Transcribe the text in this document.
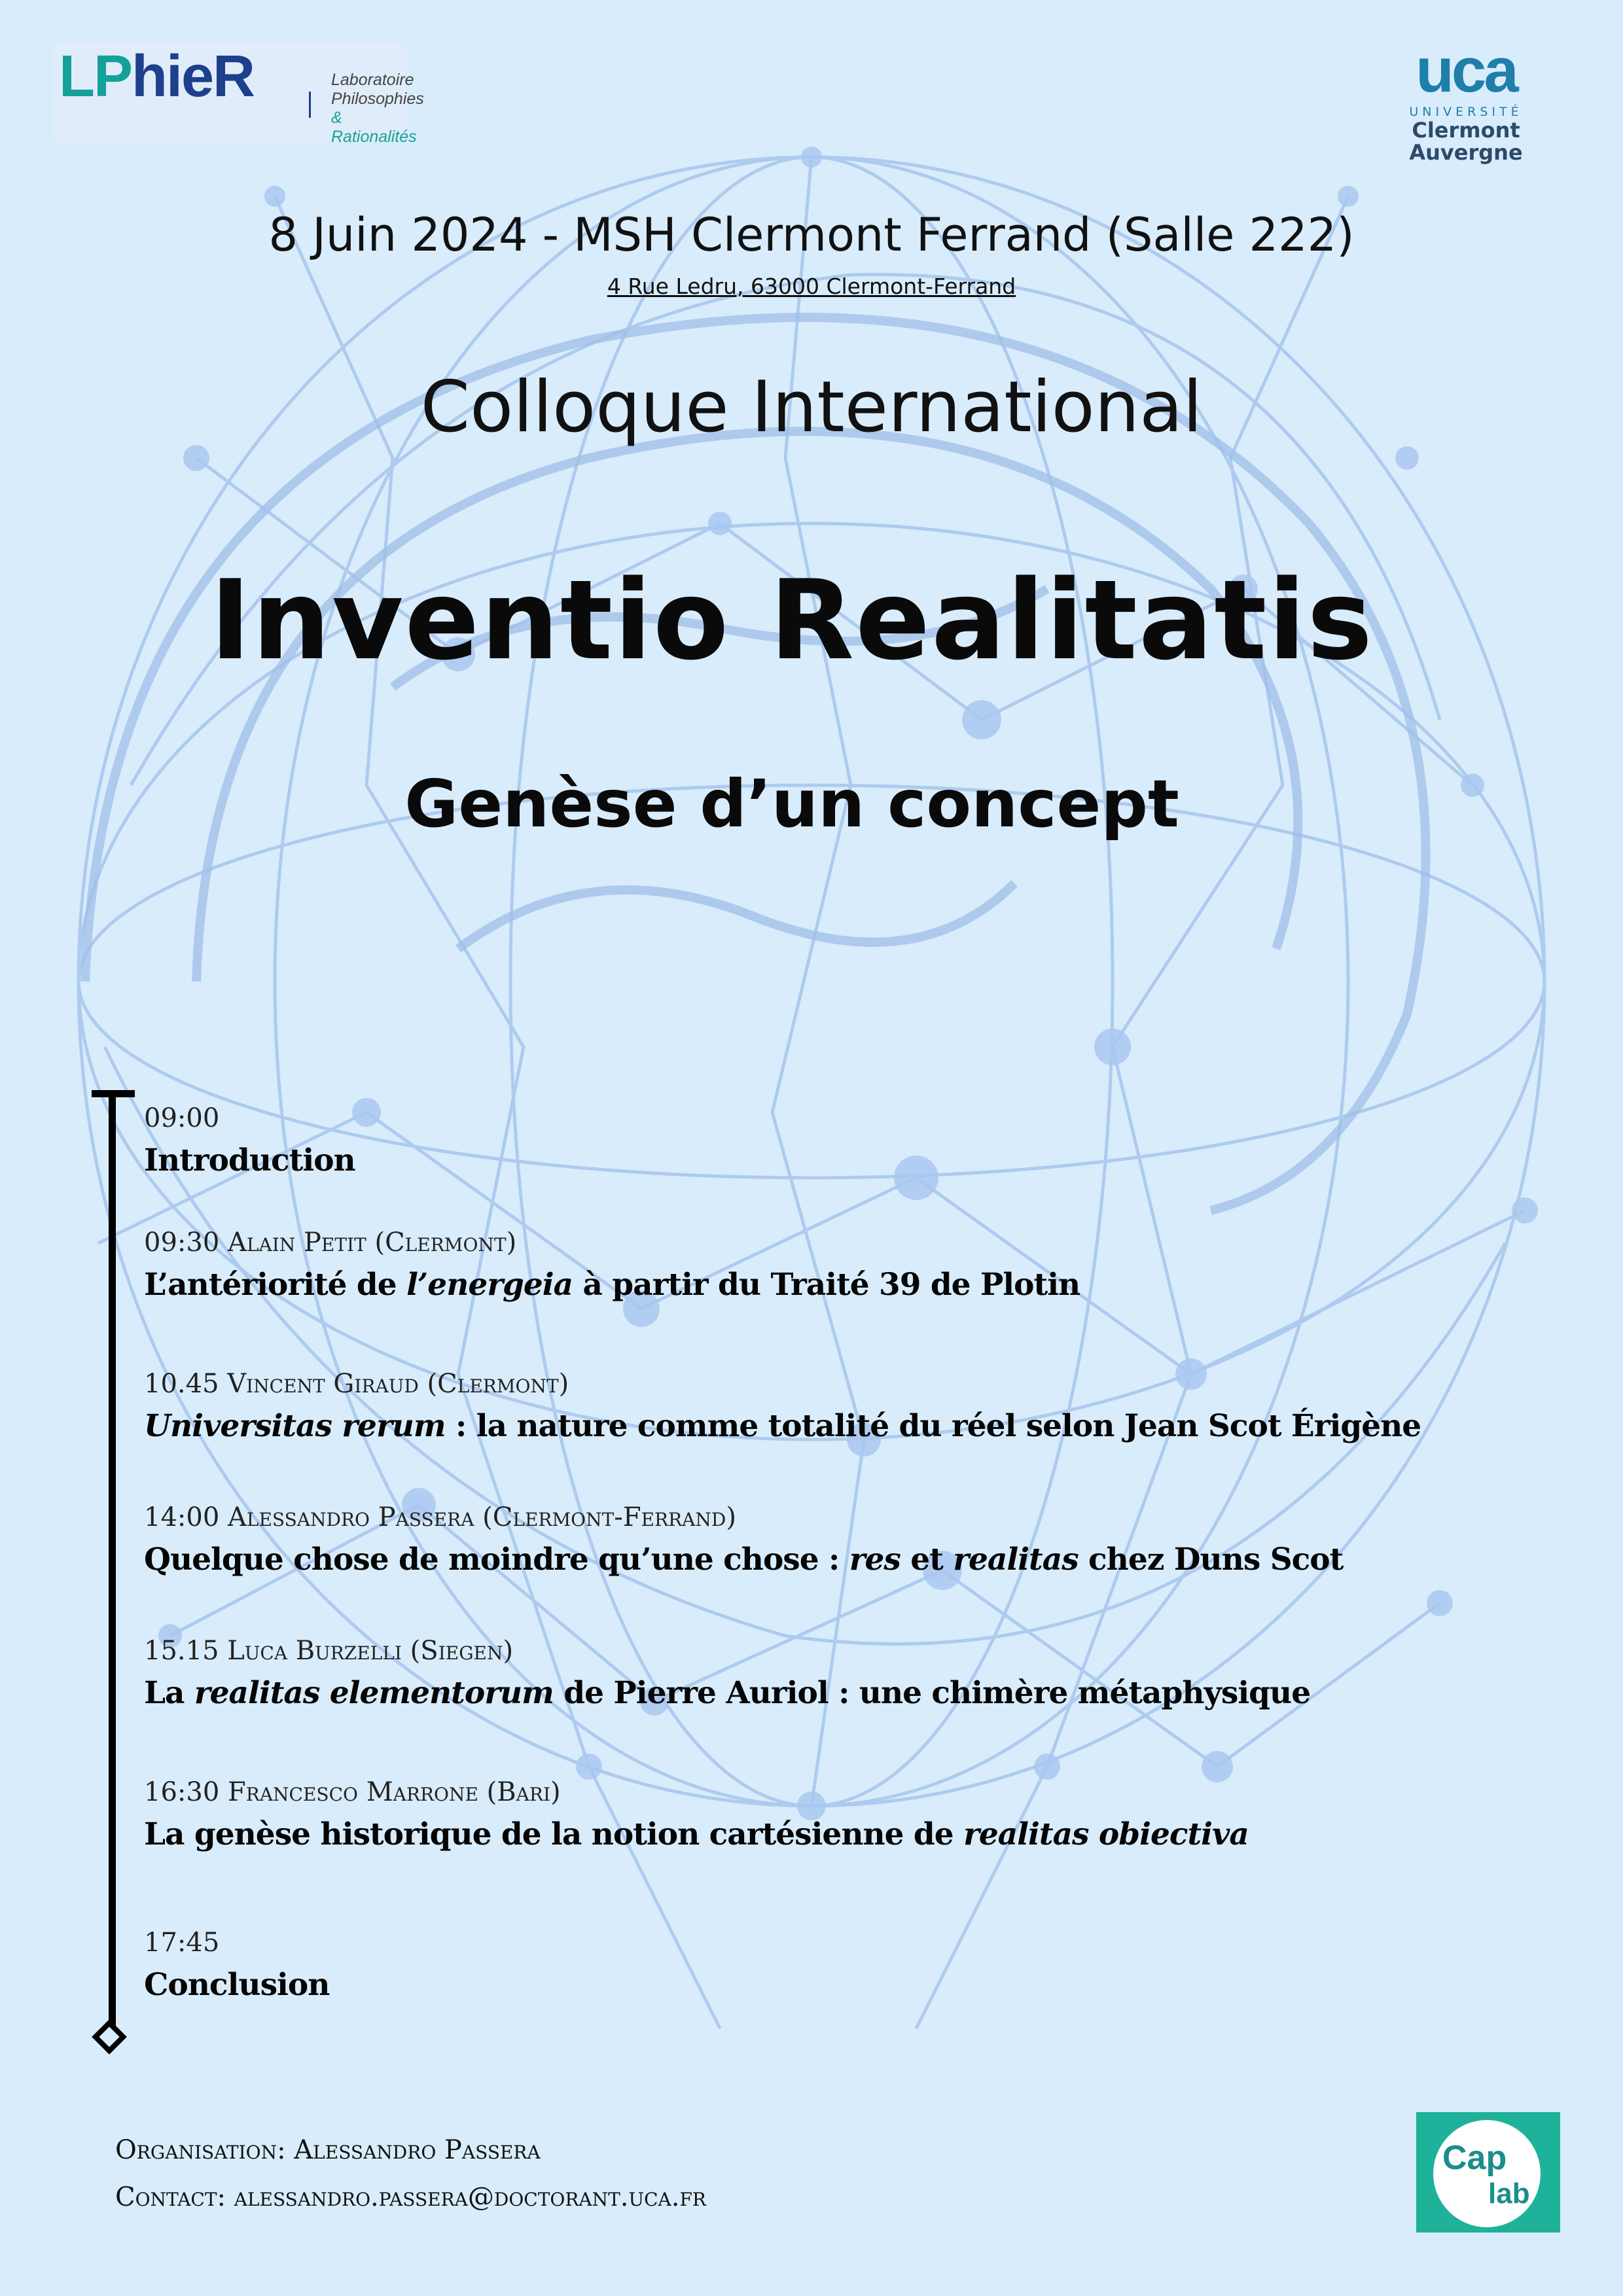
LPhieR	Laboratoire
Philosophies
& Rationalités
uca
UNIVERSITÉ
Clermont
Auvergne
8 Juin 2024 - MSH Clermont Ferrand (Salle 222)
4 Rue Ledru, 63000 Clermont-Ferrand
Colloque International
Inventio Realitatis
Genèse d’un concept
09:00
Introduction
09:30 Alain Petit (Clermont)
L’antériorité de l’energeia à partir du Traité 39 de Plotin
10.45 Vincent Giraud (Clermont)
Universitas rerum : la nature comme totalité du réel selon Jean Scot Érigène
14:00 Alessandro Passera (Clermont-Ferrand)
Quelque chose de moindre qu’une chose : res et realitas chez Duns Scot
15.15 Luca Burzelli (Siegen)
La realitas elementorum de Pierre Auriol : une chimère métaphysique
16:30 Francesco Marrone (Bari)
La genèse historique de la notion cartésienne de realitas obiectiva
17:45
Conclusion
Organisation: Alessandro Passera
Contact: alessandro.passera@doctorant.uca.fr
Cap
lab
